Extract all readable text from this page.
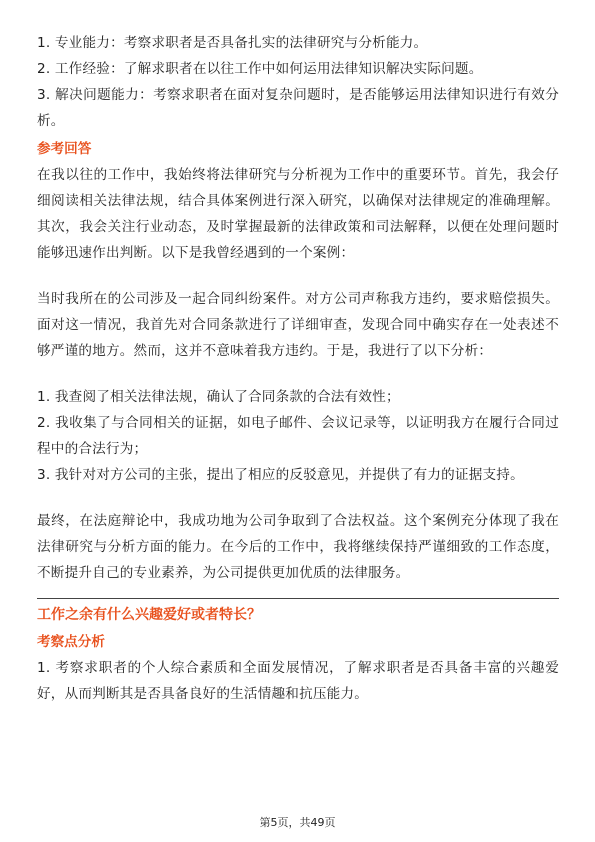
1. 专业能力：考察求职者是否具备扎实的法律研究与分析能力。

2. 工作经验：了解求职者在以往工作中如何运用法律知识解决实际问题。

3. 解决问题能力：考察求职者在面对复杂问题时，是否能够运用法律知识进行有效分析。

参考回答

在我以往的工作中，我始终将法律研究与分析视为工作中的重要环节。首先，我会仔细阅读相关法律法规，结合具体案例进行深入研究，以确保对法律规定的准确理解。其次，我会关注行业动态，及时掌握最新的法律政策和司法解释，以便在处理问题时能够迅速作出判断。以下是我曾经遇到的一个案例：

当时我所在的公司涉及一起合同纠纷案件。对方公司声称我方违约，要求赔偿损失。面对这一情况，我首先对合同条款进行了详细审查，发现合同中确实存在一处表述不够严谨的地方。然而，这并不意味着我方违约。于是，我进行了以下分析：

1. 我查阅了相关法律法规，确认了合同条款的合法有效性；

2. 我收集了与合同相关的证据，如电子邮件、会议记录等，以证明我方在履行合同过程中的合法行为；

3. 我针对对方公司的主张，提出了相应的反驳意见，并提供了有力的证据支持。

最终，在法庭辩论中，我成功地为公司争取到了合法权益。这个案例充分体现了我在法律研究与分析方面的能力。在今后的工作中，我将继续保持严谨细致的工作态度，不断提升自己的专业素养，为公司提供更加优质的法律服务。

工作之余有什么兴趣爱好或者特长？
考察点分析

1. 考察求职者的个人综合素质和全面发展情况，了解求职者是否具备丰富的兴趣爱好，从而判断其是否具备良好的生活情趣和抗压能力。

第5页，共49页
